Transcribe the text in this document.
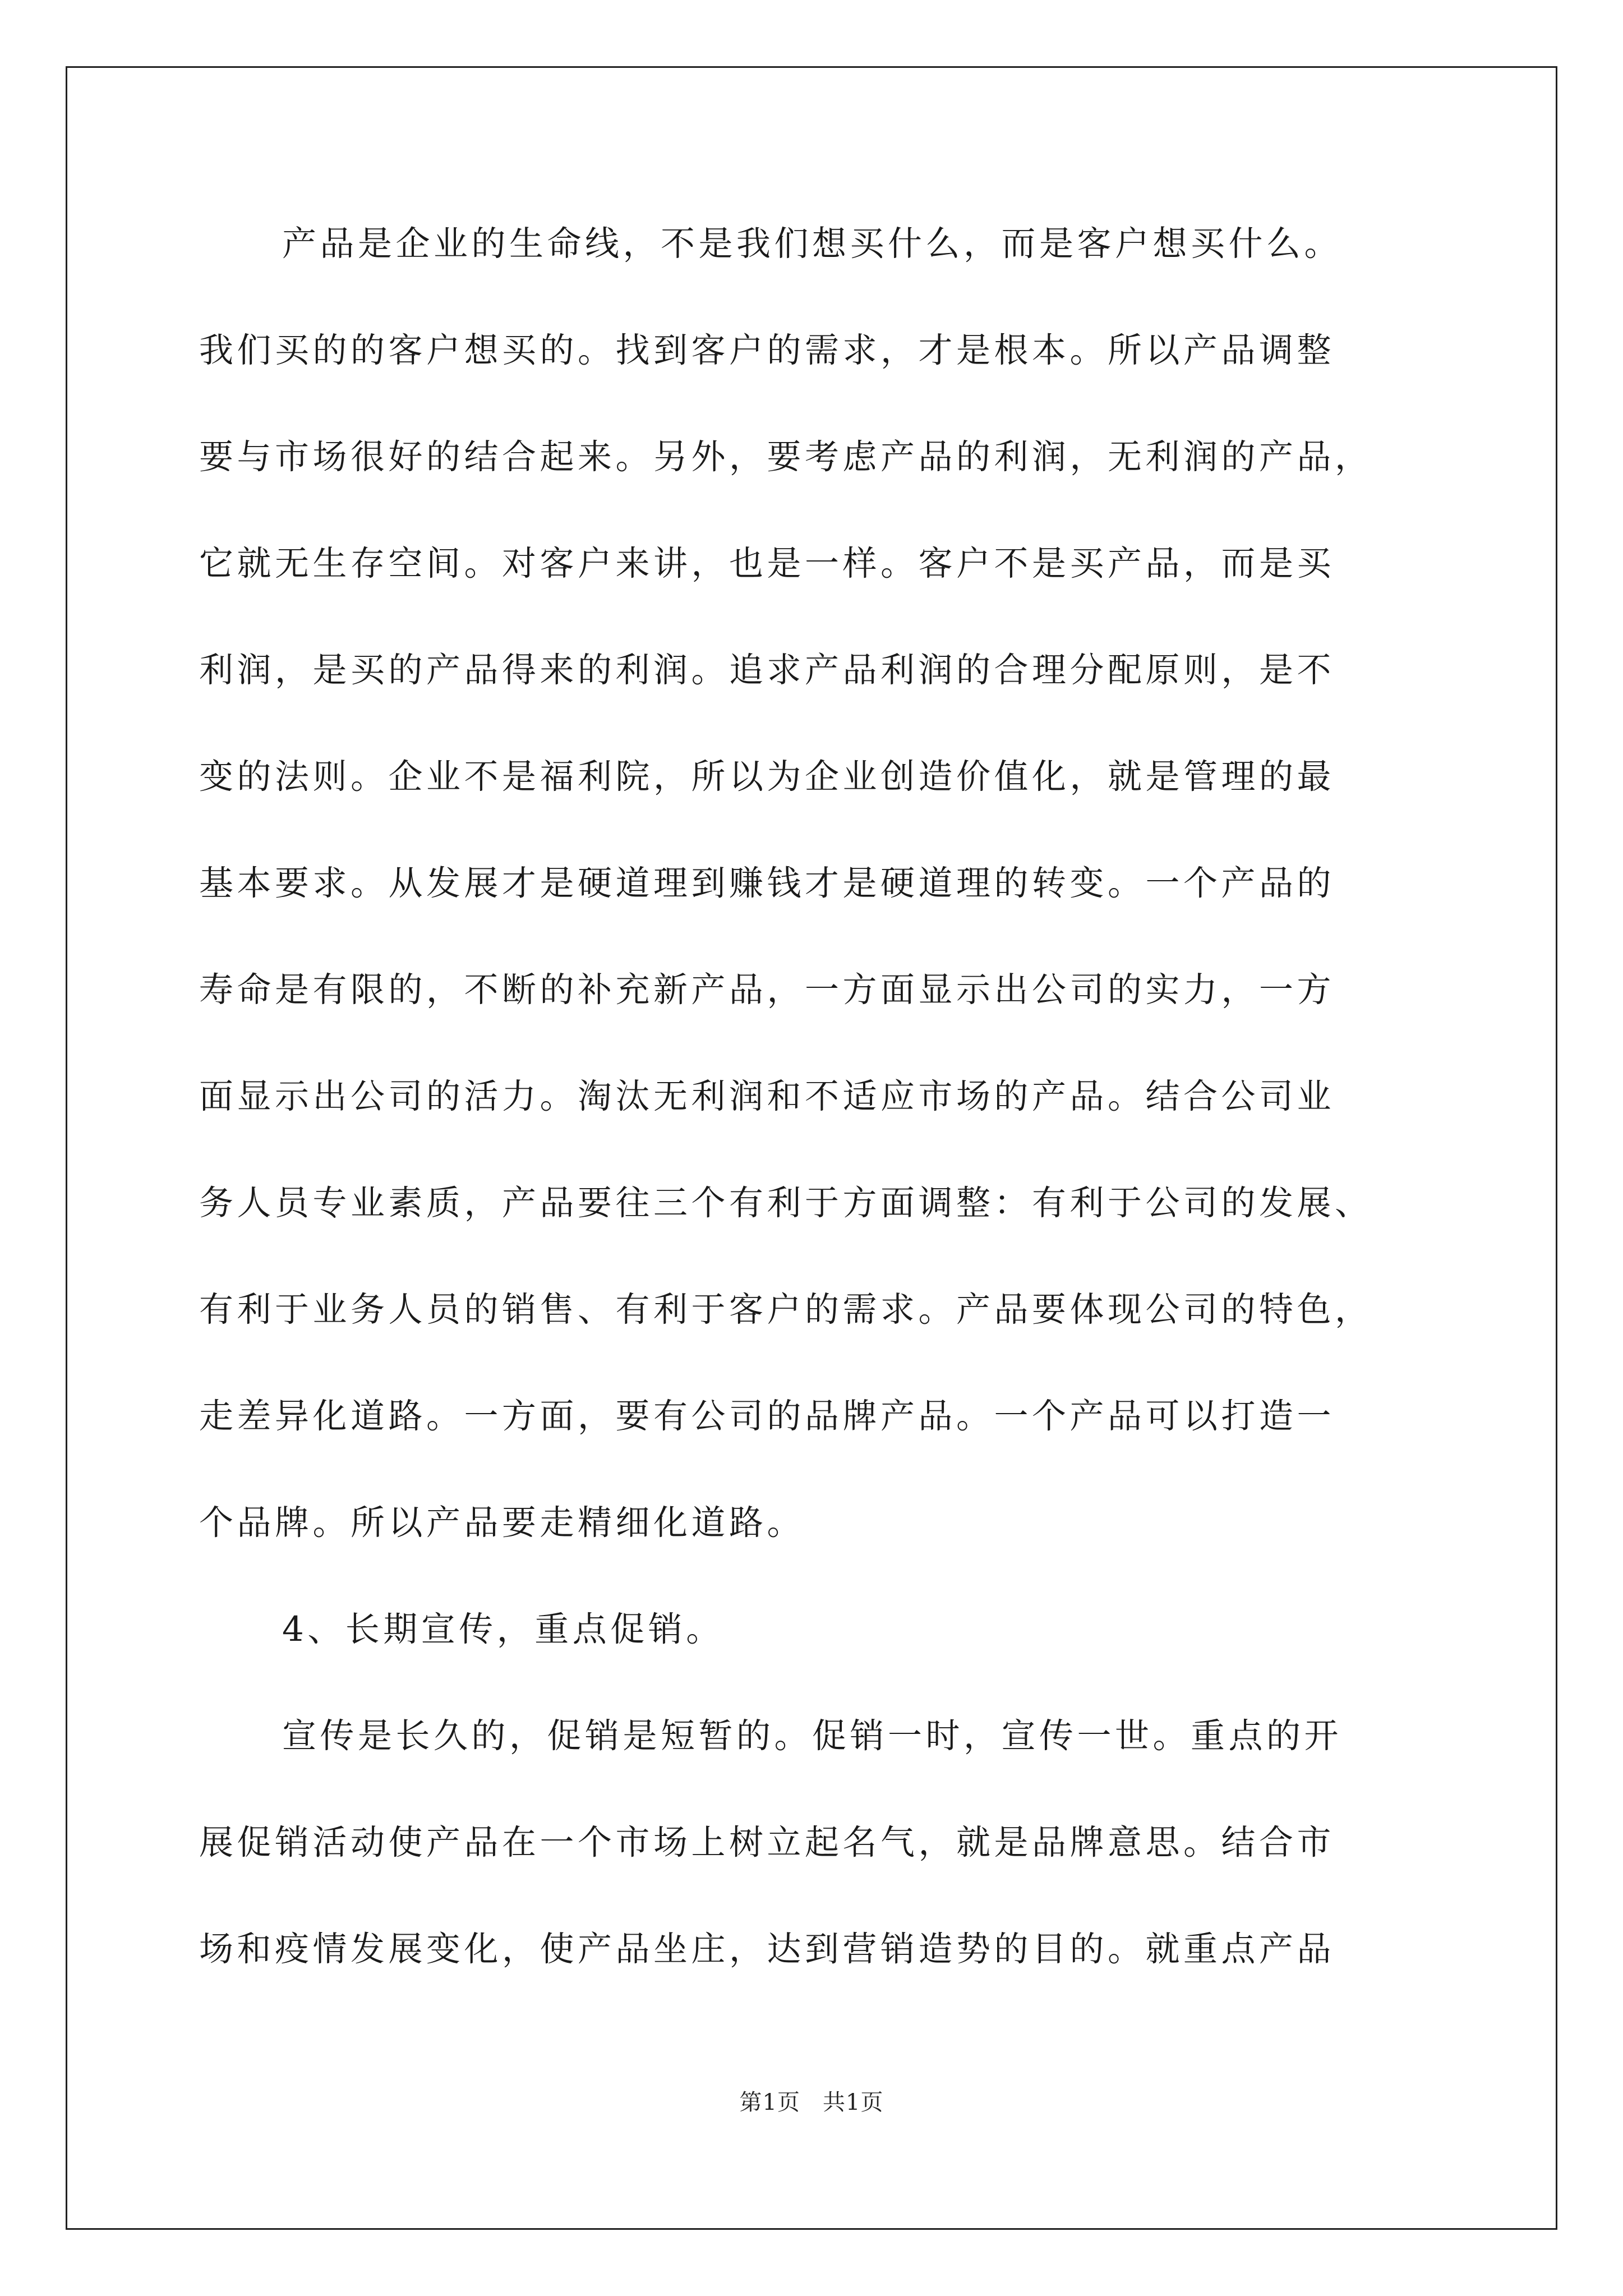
产品是企业的生命线，不是我们想买什么，而是客户想买什么。
我们买的的客户想买的。找到客户的需求，才是根本。所以产品调整
要与市场很好的结合起来。另外，要考虑产品的利润，无利润的产品，
它就无生存空间。对客户来讲，也是一样。客户不是买产品，而是买
利润，是买的产品得来的利润。追求产品利润的合理分配原则，是不
变的法则。企业不是福利院，所以为企业创造价值化，就是管理的最
基本要求。从发展才是硬道理到赚钱才是硬道理的转变。一个产品的
寿命是有限的，不断的补充新产品，一方面显示出公司的实力，一方
面显示出公司的活力。淘汰无利润和不适应市场的产品。结合公司业
务人员专业素质，产品要往三个有利于方面调整：有利于公司的发展、
有利于业务人员的销售、有利于客户的需求。产品要体现公司的特色，
走差异化道路。一方面，要有公司的品牌产品。一个产品可以打造一
个品牌。所以产品要走精细化道路。
4、长期宣传，重点促销。
宣传是长久的，促销是短暂的。促销一时，宣传一世。重点的开
展促销活动使产品在一个市场上树立起名气，就是品牌意思。结合市
场和疫情发展变化，使产品坐庄，达到营销造势的目的。就重点产品
第1页 共1页
